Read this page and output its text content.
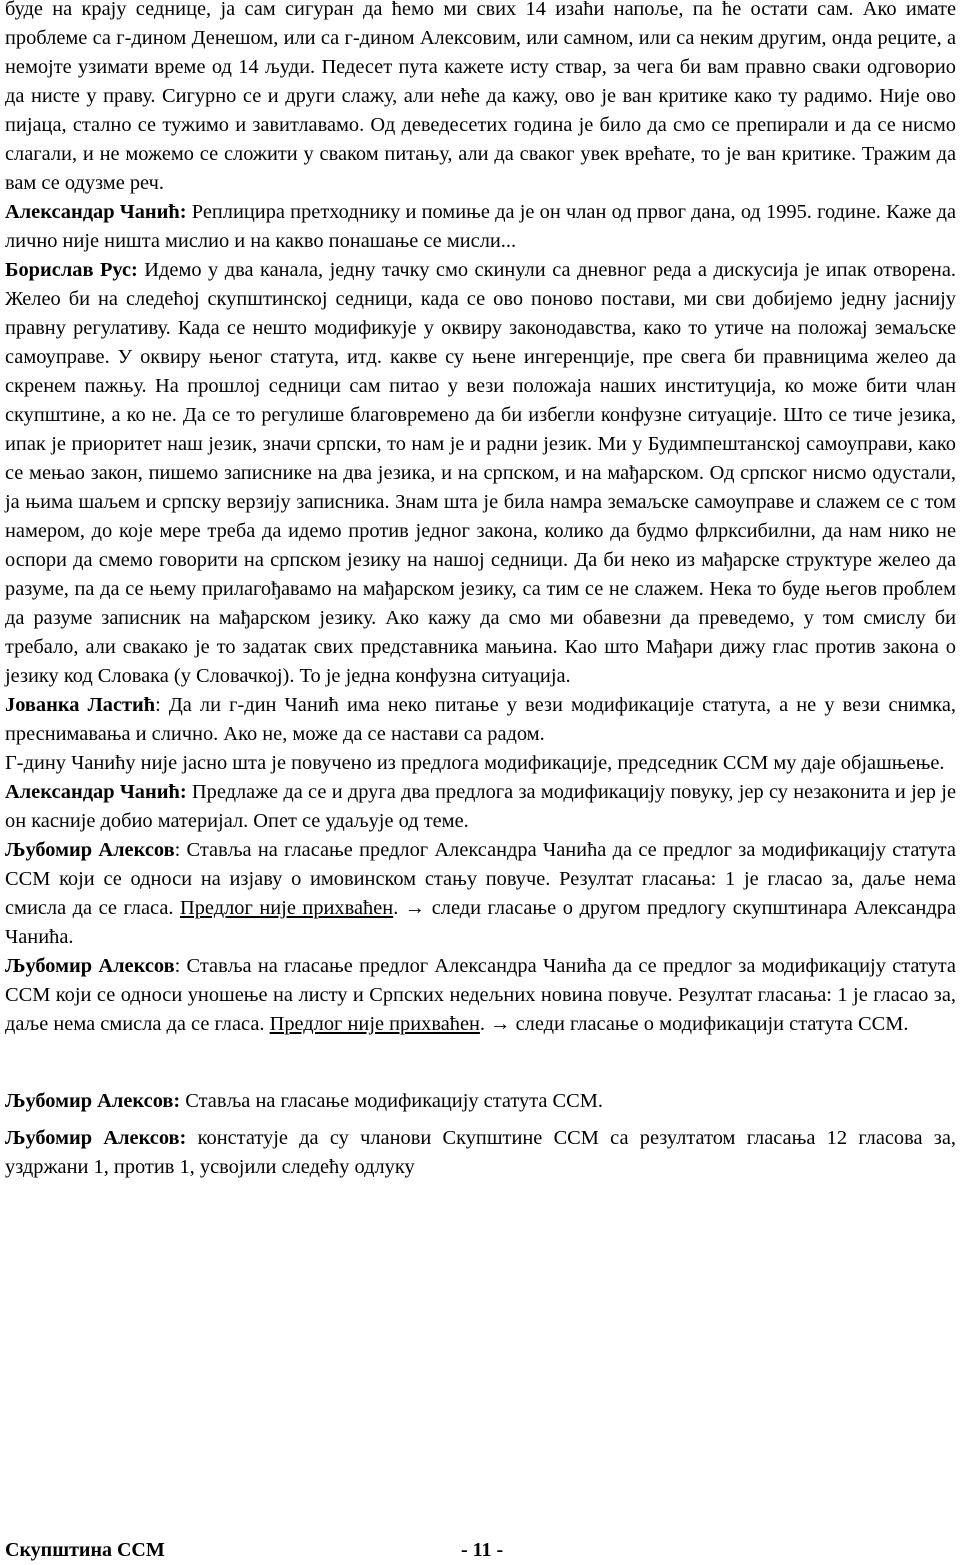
буде на крају седнице, ја сам сигуран да ћемо ми свих 14 изаћи напоље, па ће остати сам. Ако имате проблеме са г-дином Денешом, или са г-дином Алексовим, или самном, или са неким другим, онда реците, а немојте узимати време од 14 људи. Педесет пута кажете исту ствар, за чега би вам правно сваки одговорио да нисте у праву. Сигурно се и други слажу, али неће да кажу, ово је ван критике како ту радимо. Није ово пијаца, стално се тужимо и завитлавамо. Од деведесетих година је било да смо се препирали и да се нисмо слагали, и не можемо се сложити у сваком питању, али да сваког увек врећате, то је ван критике. Тражим да вам се одузме реч.

Александар Чанић: Реплицира претходнику и помиње да је он члан од првог дана, од 1995. године. Каже да лично није ништа мислио и на какво понашање се мисли...

Борислав Рус: Идемо у два канала, једну тачку смо скинули са дневног реда а дискусија је ипак отворена. Желео би на следећој скупштинској седници, када се ово поново постави, ми сви добијемо једну јаснију правну регулативу. Када се нешто модификује у оквиру законодавства, како то утиче на положај земаљске самоуправе. У оквиру њеног статута, итд. какве су њене ингеренције, пре свега би правницима желео да скренем пажњу. На прошлој седници сам питао у вези положаја наших институција, ко може бити члан скупштине, а ко не. Да се то регулише благовремено да би избегли конфузне ситуације. Што се тиче језика, ипак је приоритет наш језик, значи српски, то нам је и радни језик. Ми у Будимпештанској самоуправи, како се мењао закон, пишемо записнике на два језика, и на српском, и на мађарском. Од српског нисмо одустали, ја њима шаљем и српску верзију записника. Знам шта је била намра земаљске самоуправе и слажем се с том намером, до које мере треба да идемо против једног закона, колико да будмо флрксибилни, да нам нико не оспори да смемо говорити на српском језику на нашој седници. Да би неко из мађарске структуре желео да разуме, па да се њему прилагођавамо на мађарском језику, са тим се не слажем. Нека то буде његов проблем да разуме записник на мађарском језику. Ако кажу да смо ми обавезни да преведемо, у том смислу би требало, али свакако је то задатак свих представника мањина. Као што Мађари дижу глас против закона о језику код Словака (у Словачкој). То је једна конфузна ситуација.

Јованка Ластић: Да ли г-дин Чанић има неко питање у вези модификације статута, а не у вези снимка, преснимавања и слично. Ако не, може да се настави са радом.

Г-дину Чанићу није јасно шта је повучено из предлога модификације, председник ССМ му даје објашњење.

Александар Чанић: Предлаже да се и друга два предлога за модификацију повуку, јер су незаконита и јер је он касније добио материјал. Опет се удаљује од теме.

Љубомир Алексов: Ставља на гласање предлог Александра Чанића да се предлог за модификацију статута ССМ који се односи на изјаву о имовинском стању повуче. Резултат гласања: 1 је гласао за, даље нема смисла да се гласа. Предлог није прихваћен. → следи гласање о другом предлогу скупштинара Александра Чанића.

Љубомир Алексов: Ставља на гласање предлог Александра Чанића да се предлог за модификацију статута ССМ који се односи уношење на листу и Српских недељних новина повуче. Резултат гласања: 1 је гласао за, даље нема смисла да се гласа. Предлог није прихваћен. → следи гласање о модификацији статута ССМ.

Љубомир Алексов: Ставља на гласање модификацију статута ССМ.

Љубомир Алексов: констатује да су чланови Скупштине ССМ са резултатом гласања 12 гласова за, уздржани 1, против 1, усвојили следећу одлуку

Скупштина ССМ	- 11 -
